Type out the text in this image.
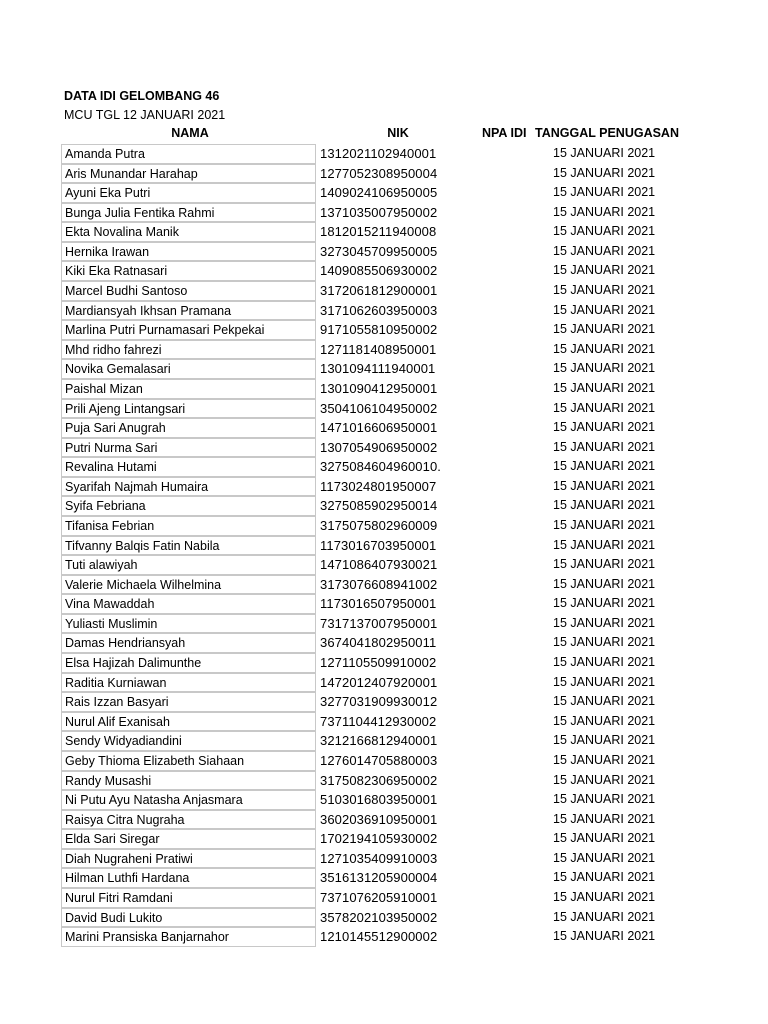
DATA IDI GELOMBANG 46
MCU TGL 12 JANUARI 2021
NAMA	NIK	NPA IDI TANGGAL PENUGASAN
Amanda Putra	1312021102940001	15 JANUARI 2021
Aris Munandar Harahap	1277052308950004	15 JANUARI 2021
Ayuni Eka Putri	1409024106950005	15 JANUARI 2021
Bunga Julia Fentika Rahmi	1371035007950002	15 JANUARI 2021
Ekta Novalina Manik	1812015211940008	15 JANUARI 2021
Hernika Irawan	3273045709950005	15 JANUARI 2021
Kiki Eka Ratnasari	1409085506930002	15 JANUARI 2021
Marcel Budhi Santoso	3172061812900001	15 JANUARI 2021
Mardiansyah Ikhsan Pramana	3171062603950003	15 JANUARI 2021
Marlina Putri Purnamasari Pekpekai	9171055810950002	15 JANUARI 2021
Mhd ridho fahrezi	1271181408950001	15 JANUARI 2021
Novika Gemalasari	1301094111940001	15 JANUARI 2021
Paishal Mizan	1301090412950001	15 JANUARI 2021
Prili Ajeng Lintangsari	3504106104950002	15 JANUARI 2021
Puja Sari Anugrah	1471016606950001	15 JANUARI 2021
Putri Nurma Sari	1307054906950002	15 JANUARI 2021
Revalina Hutami	3275084604960010.	15 JANUARI 2021
Syarifah Najmah Humaira	1173024801950007	15 JANUARI 2021
Syifa Febriana	3275085902950014	15 JANUARI 2021
Tifanisa Febrian	3175075802960009	15 JANUARI 2021
Tifvanny Balqis Fatin Nabila	1173016703950001	15 JANUARI 2021
Tuti alawiyah	1471086407930021	15 JANUARI 2021
Valerie Michaela Wilhelmina	3173076608941002	15 JANUARI 2021
Vina Mawaddah	1173016507950001	15 JANUARI 2021
Yuliasti Muslimin	7317137007950001	15 JANUARI 2021
Damas Hendriansyah	3674041802950011	15 JANUARI 2021
Elsa Hajizah Dalimunthe	1271105509910002	15 JANUARI 2021
Raditia Kurniawan	1472012407920001	15 JANUARI 2021
Rais Izzan Basyari	3277031909930012	15 JANUARI 2021
Nurul Alif Exanisah	7371104412930002	15 JANUARI 2021
Sendy Widyadiandini	3212166812940001	15 JANUARI 2021
Geby Thioma Elizabeth Siahaan	1276014705880003	15 JANUARI 2021
Randy Musashi	3175082306950002	15 JANUARI 2021
Ni Putu Ayu Natasha Anjasmara	5103016803950001	15 JANUARI 2021
Raisya Citra Nugraha	3602036910950001	15 JANUARI 2021
Elda Sari Siregar	1702194105930002	15 JANUARI 2021
Diah Nugraheni Pratiwi	1271035409910003	15 JANUARI 2021
Hilman Luthfi Hardana	3516131205900004	15 JANUARI 2021
Nurul Fitri Ramdani	7371076205910001	15 JANUARI 2021
David Budi Lukito	3578202103950002	15 JANUARI 2021
Marini Pransiska Banjarnahor	1210145512900002	15 JANUARI 2021
